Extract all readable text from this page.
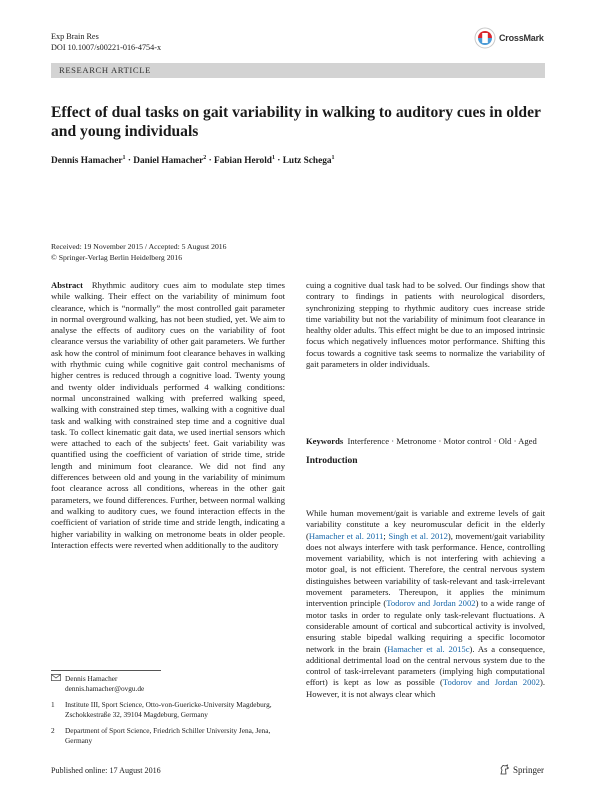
Exp Brain Res
DOI 10.1007/s00221-016-4754-x
CrossMark
RESEARCH ARTICLE
Effect of dual tasks on gait variability in walking to auditory cues in older and young individuals
Dennis Hamacher$^1$ · Daniel Hamacher$^2$ · Fabian Herold$^1$ · Lutz Schega$^1$
Received: 19 November 2015 / Accepted: 5 August 2016
© Springer-Verlag Berlin Heidelberg 2016
Abstract Rhythmic auditory cues aim to modulate step times while walking. Their effect on the variability of minimum foot clearance, which is “normally” the most controlled gait parameter in normal overground walking, has not been studied, yet. We aim to analyse the effects of auditory cues on the variability of foot clearance versus the variability of other gait parameters. We further ask how the control of minimum foot clearance behaves in walking with rhythmic cuing while cognitive gait control mechanisms of higher centres is reduced through a cognitive load. Twenty young and twenty older individuals performed 4 walking conditions: normal unconstrained walking with preferred walking speed, walking with constrained step times, walking with a cognitive dual task and walking with constrained step time and a cognitive dual task. To collect kinematic gait data, we used inertial sensors which were attached to each of the subjects' feet. Gait variability was quantified using the coefficient of variation of stride time, stride length and minimum foot clearance. We did not find any differences between old and young in the variability of minimum foot clearance across all conditions, whereas in the other gait parameters, we found differences. Further, between normal walking and walking to auditory cues, we found interaction effects in the coefficient of variation of stride time and stride length, indicating a higher variability in walking on metronome beats in older people. Interaction effects were reverted when additionally to the auditory
cuing a cognitive dual task had to be solved. Our findings show that contrary to findings in patients with neurological disorders, synchronizing stepping to rhythmic auditory cues increase stride time variability but not the variability of minimum foot clearance in healthy older adults. This effect might be due to an imposed intrinsic focus which negatively influences motor performance. Shifting this focus towards a cognitive task seems to normalize the variability of gait parameters in older individuals.
Keywords Interference · Metronome · Motor control · Old · Aged
Introduction
While human movement/gait is variable and extreme levels of gait variability constitute a key neuromuscular deficit in the elderly (Hamacher et al. 2011; Singh et al. 2012), movement/gait variability does not always interfere with task performance. Hence, controlling movement variability, which is not interfering with achieving a motor goal, is not efficient. Therefore, the central nervous system distinguishes between variability of task-relevant and task-irrelevant movement parameters. Thereupon, it applies the minimum intervention principle (Todorov and Jordan 2002) to a wide range of motor tasks in order to regulate only task-relevant fluctuations. A considerable amount of cortical and subcortical activity is involved, ensuring stable bipedal walking requiring a specific locomotor network in the brain (Hamacher et al. 2015c). As a consequence, additional detrimental load on the central nervous system due to the control of task-irrelevant parameters (implying high computational effort) is kept as low as possible (Todorov and Jordan 2002). However, it is not always clear which
Dennis Hamacher
dennis.hamacher@ovgu.de
1	Institute III, Sport Science, Otto-von-Guericke-University Magdeburg, Zschokkestraße 32, 39104 Magdeburg, Germany
2	Department of Sport Science, Friedrich Schiller University Jena, Jena, Germany
Published online: 17 August 2016	Springer
